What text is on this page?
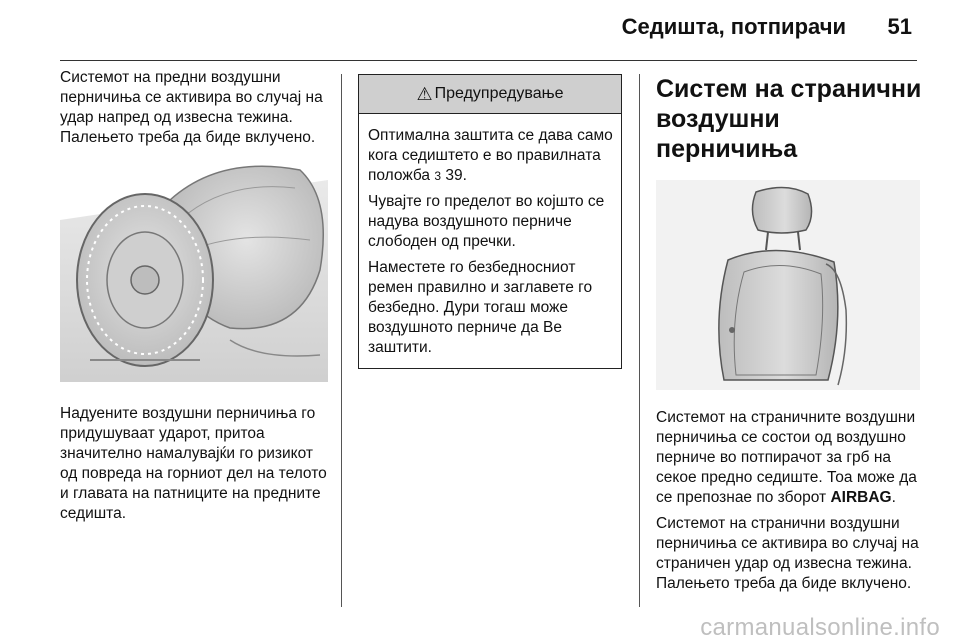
Седишта, потпирачи 51

Системот на предни воздушни перничиња се активира во случај на удар напред од извесна тежина. Палењето треба да биде вклучено.

Надуените воздушни перничиња го придушуваат ударот, притоа значително намалувајќи го ризикот од повреда на горниот дел на телото и главата на патниците на предните седишта.

⚠ Предупредување

Оптимална заштита се дава само кога седиштето е во правилната положба 3 39.

Чувајте го пределот во којшто се надува воздушното перниче слободен од пречки.

Наместете го безбедносниот ремен правилно и заглавете го безбедно. Дури тогаш може воздушното перниче да Ве заштити.

Систем на странични
воздушни перничиња

Системот на страничните воздушни перничиња се состои од воздушно перниче во потпирачот за грб на секое предно седиште. Тоа може да се препознае по зборот AIRBAG.

Системот на странични воздушни перничиња се активира во случај на страничен удар од извесна тежина. Палењето треба да биде вклучено.

carmanualsonline.info
